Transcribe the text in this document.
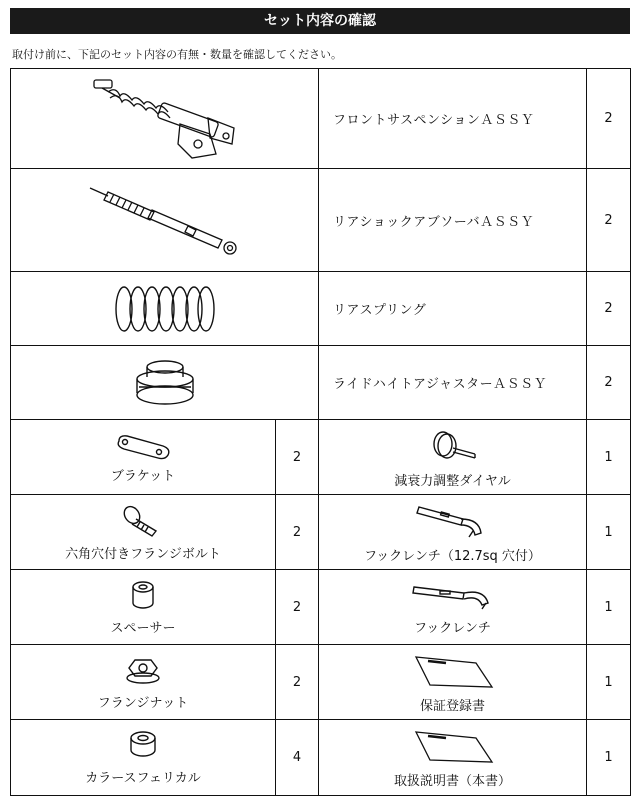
セット内容の確認
取付け前に、下記のセット内容の有無・数量を確認してください。
	フロントサスペンションＡＳＳＹ	2

	リアショックアブソーバＡＳＳＹ	2

	リアスプリング	2

	ライドハイトアジャスターＡＳＳＹ	2

ブラケット	2	減衰力調整ダイヤル	1

六角穴付きフランジボルト	2	フックレンチ（12.7sq 穴付）	1

スペーサー	2	フックレンチ	1

フランジナット	2	保証登録書	1

カラースフェリカル	4	取扱説明書（本書）	1
